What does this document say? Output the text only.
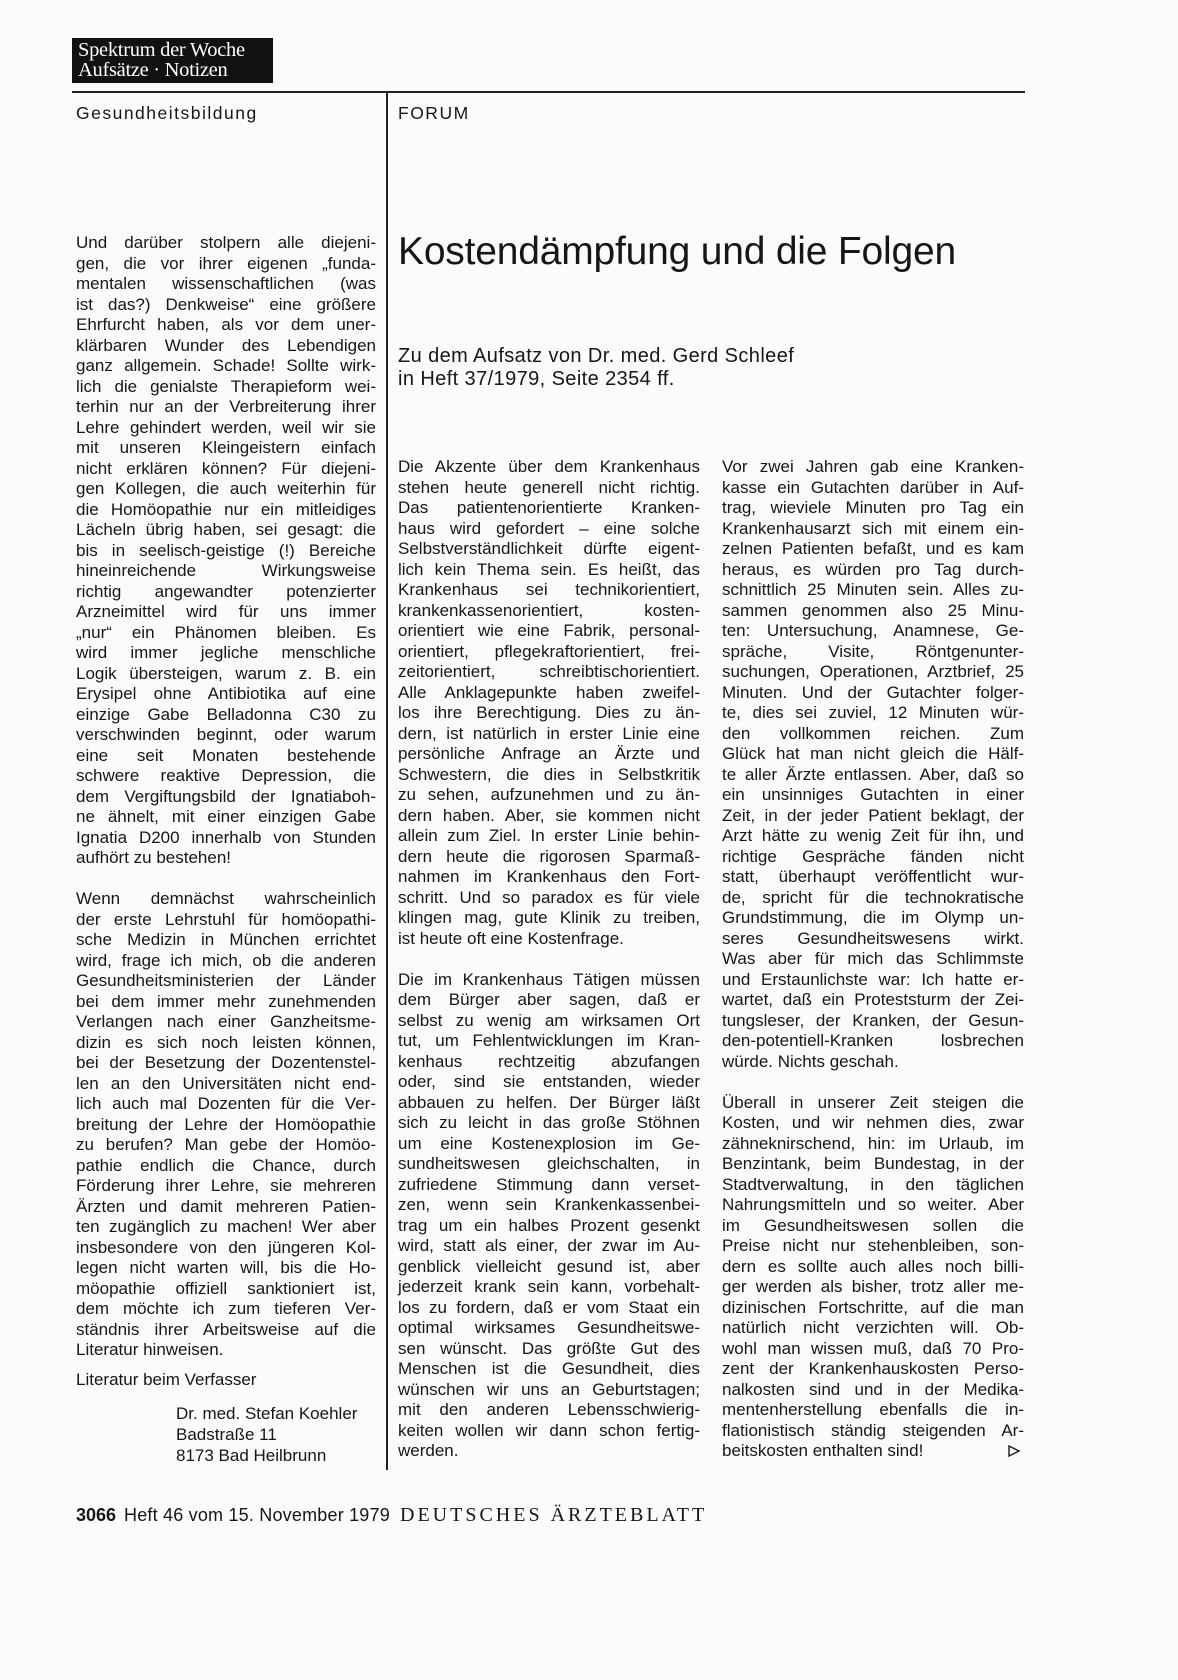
Spektrum der Woche
Aufsätze · Notizen
Gesundheitsbildung	FORUM
Und darüber stolpern alle diejeni-
gen, die vor ihrer eigenen „funda-
mentalen wissenschaftlichen (was
ist das?) Denkweise“ eine größere
Ehrfurcht haben, als vor dem uner-
klärbaren Wunder des Lebendigen
ganz allgemein. Schade! Sollte wirk-
lich die genialste Therapieform wei-
terhin nur an der Verbreiterung ihrer
Lehre gehindert werden, weil wir sie
mit unseren Kleingeistern einfach
nicht erklären können? Für diejeni-
gen Kollegen, die auch weiterhin für
die Homöopathie nur ein mitleidiges
Lächeln übrig haben, sei gesagt: die
bis in seelisch-geistige (!) Bereiche
hineinreichende Wirkungsweise
richtig angewandter potenzierter
Arzneimittel wird für uns immer
„nur“ ein Phänomen bleiben. Es
wird immer jegliche menschliche
Logik übersteigen, warum z. B. ein
Erysipel ohne Antibiotika auf eine
einzige Gabe Belladonna C30 zu
verschwinden beginnt, oder warum
eine seit Monaten bestehende
schwere reaktive Depression, die
dem Vergiftungsbild der Ignatiaboh-
ne ähnelt, mit einer einzigen Gabe
Ignatia D200 innerhalb von Stunden
aufhört zu bestehen!
Wenn demnächst wahrscheinlich
der erste Lehrstuhl für homöopathi-
sche Medizin in München errichtet
wird, frage ich mich, ob die anderen
Gesundheitsministerien der Länder
bei dem immer mehr zunehmenden
Verlangen nach einer Ganzheitsme-
dizin es sich noch leisten können,
bei der Besetzung der Dozentenstel-
len an den Universitäten nicht end-
lich auch mal Dozenten für die Ver-
breitung der Lehre der Homöopathie
zu berufen? Man gebe der Homöo-
pathie endlich die Chance, durch
Förderung ihrer Lehre, sie mehreren
Ärzten und damit mehreren Patien-
ten zugänglich zu machen! Wer aber
insbesondere von den jüngeren Kol-
legen nicht warten will, bis die Ho-
möopathie offiziell sanktioniert ist,
dem möchte ich zum tieferen Ver-
ständnis ihrer Arbeitsweise auf die
Literatur hinweisen.
Literatur beim Verfasser
Dr. med. Stefan Koehler
Badstraße 11
8173 Bad Heilbrunn
Kostendämpfung und die Folgen
Zu dem Aufsatz von Dr. med. Gerd Schleef
in Heft 37/1979, Seite 2354 ff.
Die Akzente über dem Krankenhaus
stehen heute generell nicht richtig.
Das patientenorientierte Kranken-
haus wird gefordert – eine solche
Selbstverständlichkeit dürfte eigent-
lich kein Thema sein. Es heißt, das
Krankenhaus sei technikorientiert,
krankenkassenorientiert, kosten-
orientiert wie eine Fabrik, personal-
orientiert, pflegekraftorientiert, frei-
zeitorientiert, schreibtischorientiert.
Alle Anklagepunkte haben zweifel-
los ihre Berechtigung. Dies zu än-
dern, ist natürlich in erster Linie eine
persönliche Anfrage an Ärzte und
Schwestern, die dies in Selbstkritik
zu sehen, aufzunehmen und zu än-
dern haben. Aber, sie kommen nicht
allein zum Ziel. In erster Linie behin-
dern heute die rigorosen Sparmaß-
nahmen im Krankenhaus den Fort-
schritt. Und so paradox es für viele
klingen mag, gute Klinik zu treiben,
ist heute oft eine Kostenfrage.
Die im Krankenhaus Tätigen müssen
dem Bürger aber sagen, daß er
selbst zu wenig am wirksamen Ort
tut, um Fehlentwicklungen im Kran-
kenhaus rechtzeitig abzufangen
oder, sind sie entstanden, wieder
abbauen zu helfen. Der Bürger läßt
sich zu leicht in das große Stöhnen
um eine Kostenexplosion im Ge-
sundheitswesen gleichschalten, in
zufriedene Stimmung dann verset-
zen, wenn sein Krankenkassenbei-
trag um ein halbes Prozent gesenkt
wird, statt als einer, der zwar im Au-
genblick vielleicht gesund ist, aber
jederzeit krank sein kann, vorbehalt-
los zu fordern, daß er vom Staat ein
optimal wirksames Gesundheitswe-
sen wünscht. Das größte Gut des
Menschen ist die Gesundheit, dies
wünschen wir uns an Geburtstagen;
mit den anderen Lebensschwierig-
keiten wollen wir dann schon fertig-
werden.
Vor zwei Jahren gab eine Kranken-
kasse ein Gutachten darüber in Auf-
trag, wieviele Minuten pro Tag ein
Krankenhausarzt sich mit einem ein-
zelnen Patienten befaßt, und es kam
heraus, es würden pro Tag durch-
schnittlich 25 Minuten sein. Alles zu-
sammen genommen also 25 Minu-
ten: Untersuchung, Anamnese, Ge-
spräche, Visite, Röntgenunter-
suchungen, Operationen, Arztbrief, 25
Minuten. Und der Gutachter folger-
te, dies sei zuviel, 12 Minuten wür-
den vollkommen reichen. Zum
Glück hat man nicht gleich die Hälf-
te aller Ärzte entlassen. Aber, daß so
ein unsinniges Gutachten in einer
Zeit, in der jeder Patient beklagt, der
Arzt hätte zu wenig Zeit für ihn, und
richtige Gespräche fänden nicht
statt, überhaupt veröffentlicht wur-
de, spricht für die technokratische
Grundstimmung, die im Olymp un-
seres Gesundheitswesens wirkt.
Was aber für mich das Schlimmste
und Erstaunlichste war: Ich hatte er-
wartet, daß ein Proteststurm der Zei-
tungsleser, der Kranken, der Gesun-
den-potentiell-Kranken losbrechen
würde. Nichts geschah.
Überall in unserer Zeit steigen die
Kosten, und wir nehmen dies, zwar
zähneknirschend, hin: im Urlaub, im
Benzintank, beim Bundestag, in der
Stadtverwaltung, in den täglichen
Nahrungsmitteln und so weiter. Aber
im Gesundheitswesen sollen die
Preise nicht nur stehenbleiben, son-
dern es sollte auch alles noch billi-
ger werden als bisher, trotz aller me-
dizinischen Fortschritte, auf die man
natürlich nicht verzichten will. Ob-
wohl man wissen muß, daß 70 Pro-
zent der Krankenhauskosten Perso-
nalkosten sind und in der Medika-
mentenherstellung ebenfalls die in-
flationistisch ständig steigenden Ar-
beitskosten enthalten sind!
3066 Heft 46 vom 15. November 1979 DEUTSCHES ÄRZTEBLATT
